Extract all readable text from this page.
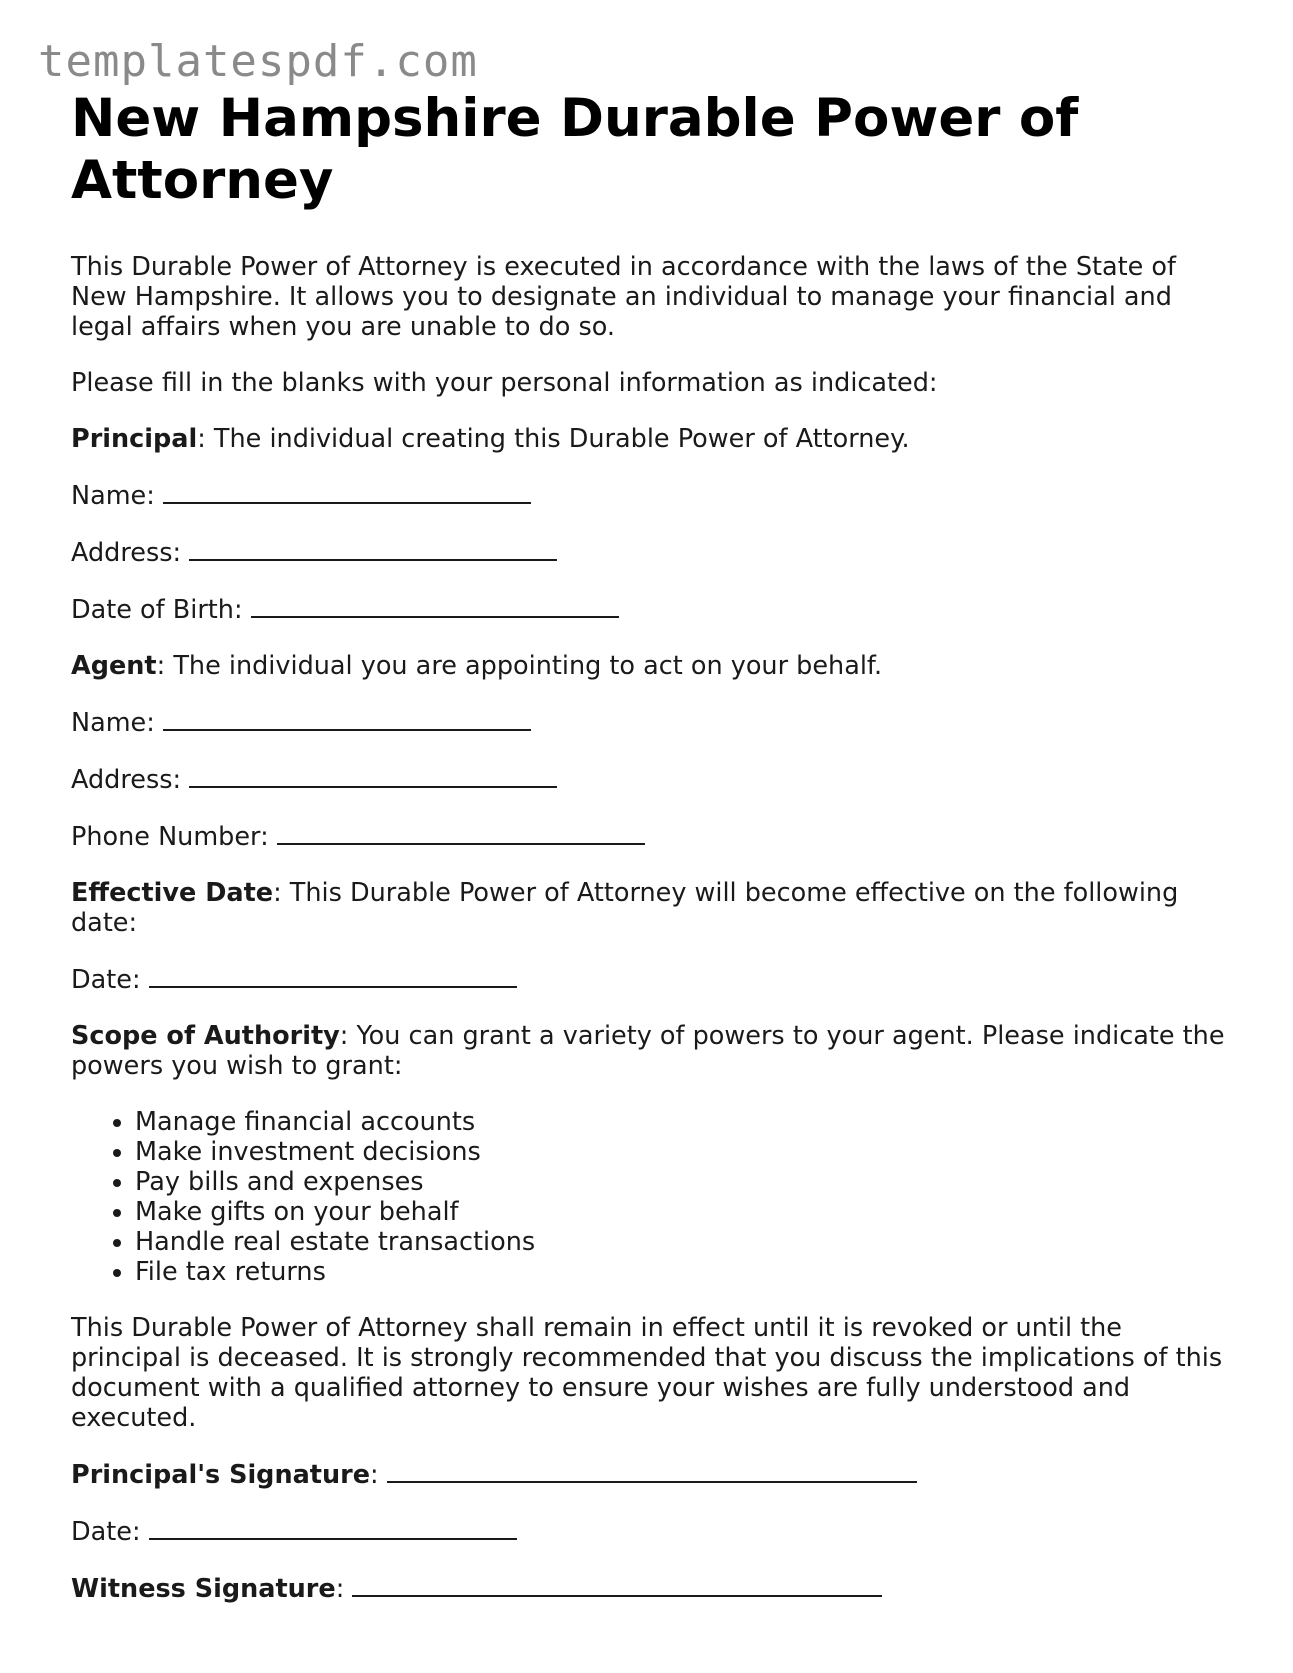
templatespdf.com
New Hampshire Durable Power of Attorney

This Durable Power of Attorney is executed in accordance with the laws of the State of New Hampshire. It allows you to designate an individual to manage your financial and legal affairs when you are unable to do so.

Please fill in the blanks with your personal information as indicated:

Principal: The individual creating this Durable Power of Attorney.

Name:

Address:

Date of Birth:

Agent: The individual you are appointing to act on your behalf.

Name:

Address:

Phone Number:

Effective Date: This Durable Power of Attorney will become effective on the following date:

Date:

Scope of Authority: You can grant a variety of powers to your agent. Please indicate the powers you wish to grant:

• Manage financial accounts
• Make investment decisions
• Pay bills and expenses
• Make gifts on your behalf
• Handle real estate transactions
• File tax returns

This Durable Power of Attorney shall remain in effect until it is revoked or until the principal is deceased. It is strongly recommended that you discuss the implications of this document with a qualified attorney to ensure your wishes are fully understood and executed.

Principal's Signature:

Date:

Witness Signature:
